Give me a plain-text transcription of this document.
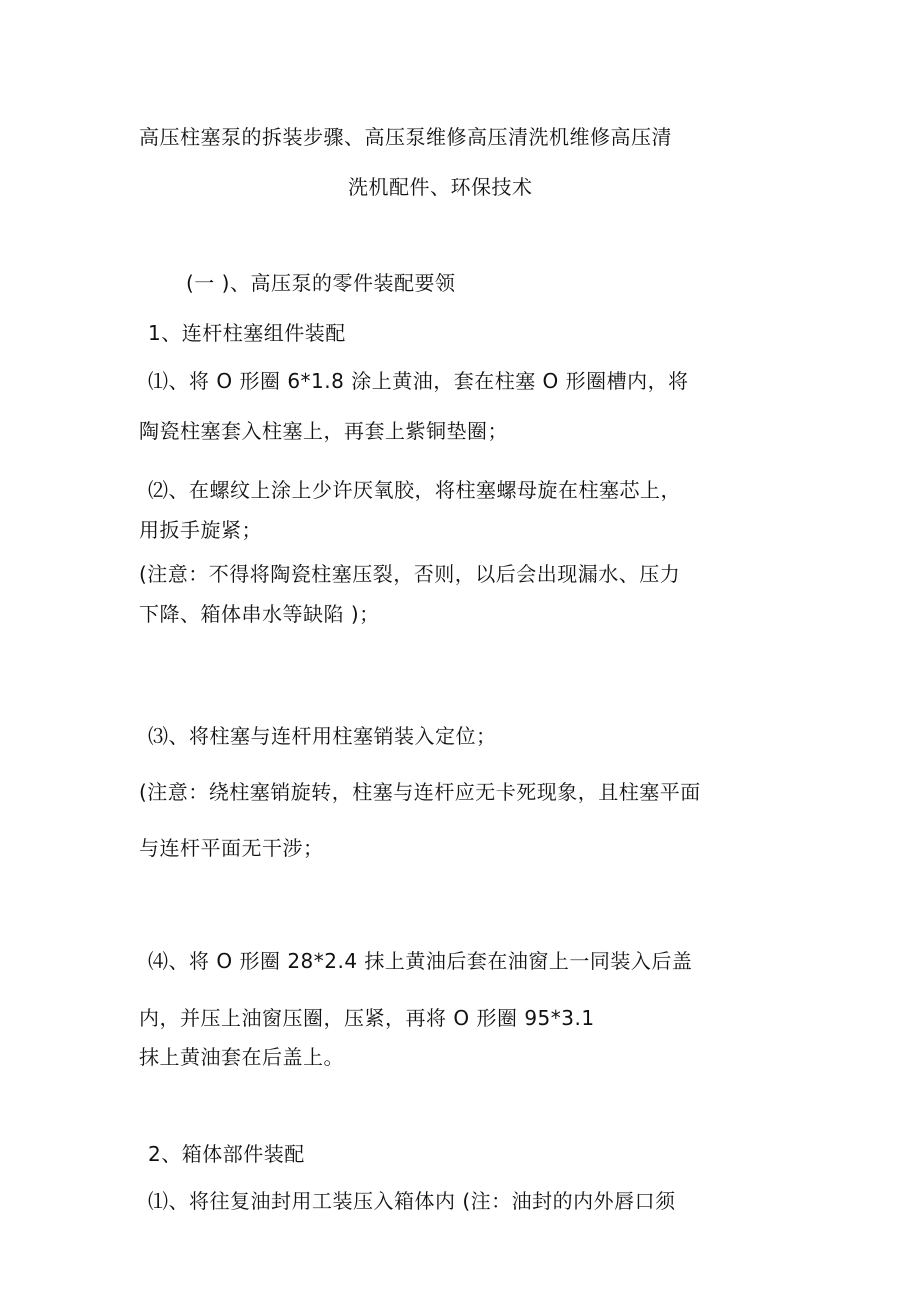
高压柱塞泵的拆装步骤、高压泵维修高压清洗机维修高压清
洗机配件、环保技术
(一 )、高压泵的零件装配要领
1、连杆柱塞组件装配
⑴、将 O 形圈 6*1.8 涂上黄油，套在柱塞 O 形圈槽内，将
陶瓷柱塞套入柱塞上，再套上紫铜垫圈；
⑵、在螺纹上涂上少许厌氧胶，将柱塞螺母旋在柱塞芯上，
用扳手旋紧；
(注意：不得将陶瓷柱塞压裂，否则，以后会出现漏水、压力
下降、箱体串水等缺陷 )；
⑶、将柱塞与连杆用柱塞销装入定位；
(注意：绕柱塞销旋转，柱塞与连杆应无卡死现象，且柱塞平面
与连杆平面无干涉；
⑷、将 O 形圈 28*2.4 抹上黄油后套在油窗上一同装入后盖
内，并压上油窗压圈，压紧，再将 O 形圈 95*3.1
抹上黄油套在后盖上。
2、箱体部件装配
⑴、将往复油封用工装压入箱体内 (注：油封的内外唇口须
